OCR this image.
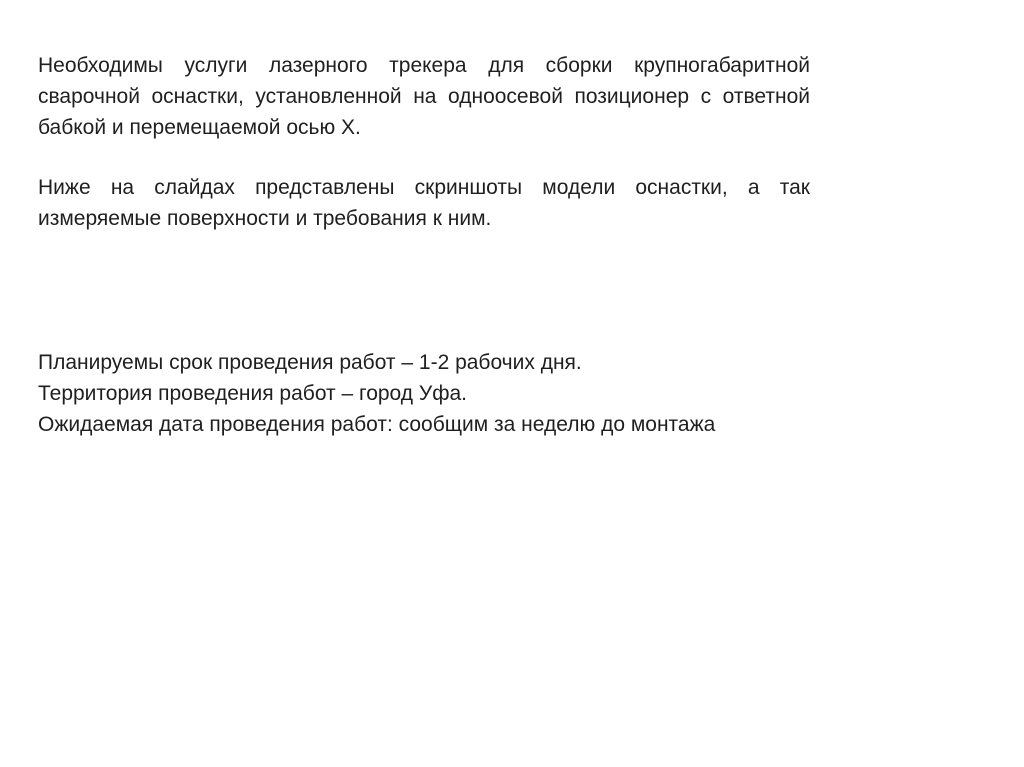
Необходимы услуги лазерного трекера для сборки крупногабаритной сварочной оснастки, установленной на одноосевой позиционер с ответной бабкой и перемещаемой осью X.

Ниже на слайдах представлены скриншоты модели оснастки, а так измеряемые поверхности и требования к ним.

Планируемы срок проведения работ – 1-2 рабочих дня.
Территория проведения работ – город Уфа.
Ожидаемая дата проведения работ: сообщим за неделю до монтажа
